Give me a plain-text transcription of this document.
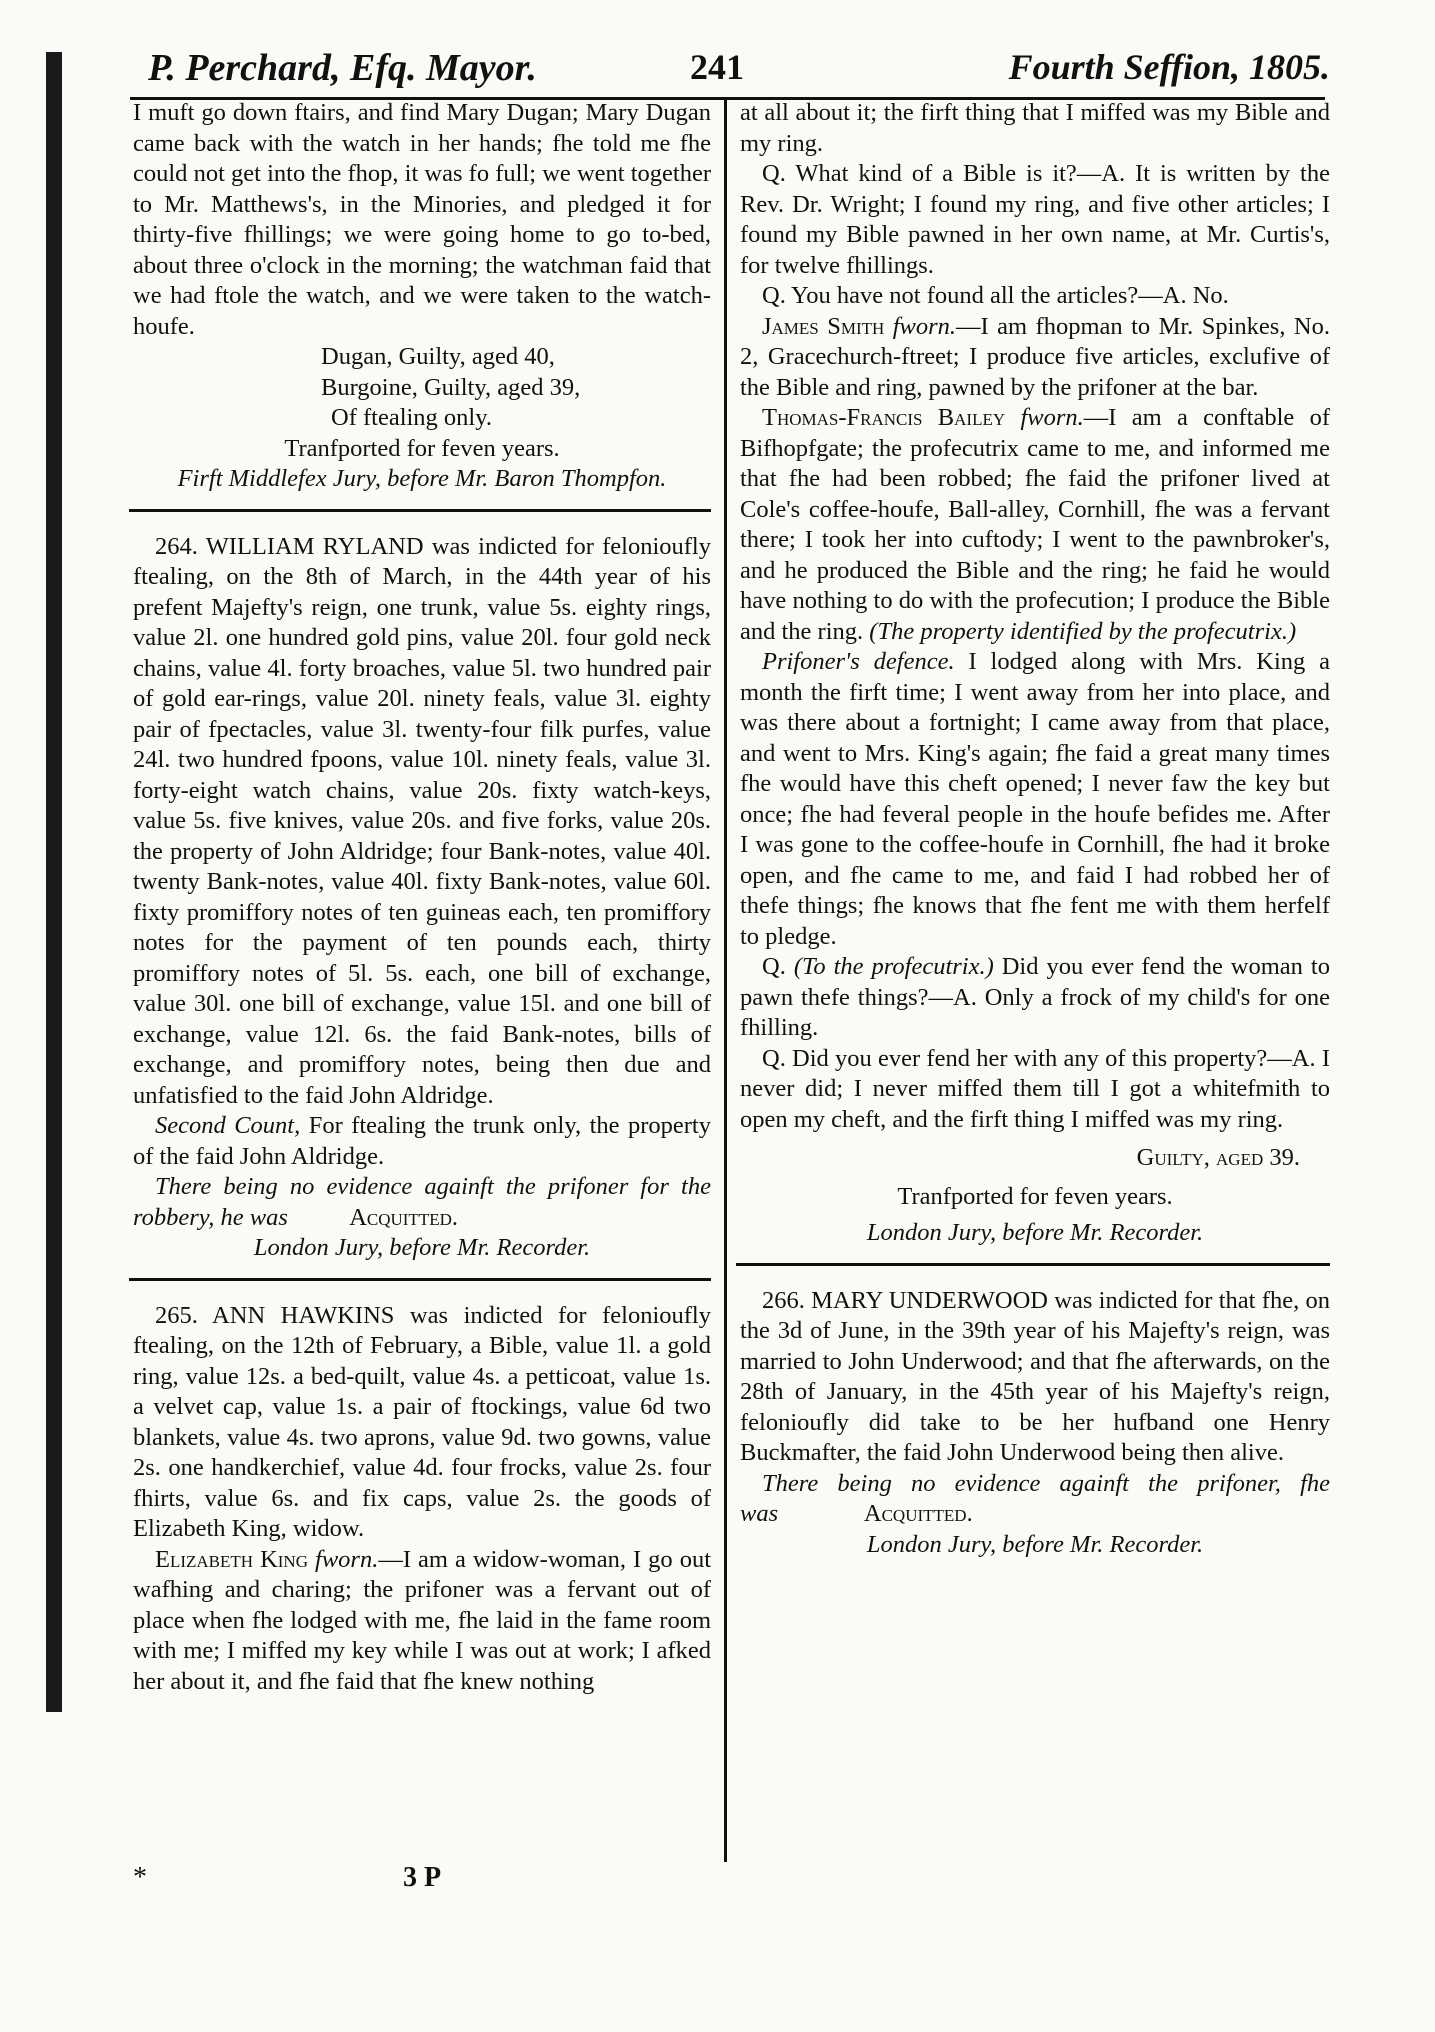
P. Perchard, Efq. Mayor.	241	Fourth Seffion, 1805.

I muft go down ftairs, and find Mary Dugan; Mary Dugan came back with the watch in her hands; fhe told me fhe could not get into the fhop, it was fo full; we went together to Mr. Matthews's, in the Minories, and pledged it for thirty-five fhillings; we were going home to go to-bed, about three o'clock in the morning; the watchman faid that we had ftole the watch, and we were taken to the watch-houfe.

Dugan, Guilty, aged 40,

Burgoine, Guilty, aged 39,

Of ftealing only.

Tranfported for feven years.

Firft Middlefex Jury, before Mr. Baron Thompfon.

264. WILLIAM RYLAND was indicted for felonioufly ftealing, on the 8th of March, in the 44th year of his prefent Majefty's reign, one trunk, value 5s. eighty rings, value 2l. one hundred gold pins, value 20l. four gold neck chains, value 4l. forty broaches, value 5l. two hundred pair of gold ear-rings, value 20l. ninety feals, value 3l. eighty pair of fpectacles, value 3l. twenty-four filk purfes, value 24l. two hundred fpoons, value 10l. ninety feals, value 3l. forty-eight watch chains, value 20s. fixty watch-keys, value 5s. five knives, value 20s. and five forks, value 20s. the property of John Aldridge; four Bank-notes, value 40l. twenty Bank-notes, value 40l. fixty Bank-notes, value 60l. fixty promiffory notes of ten guineas each, ten promiffory notes for the payment of ten pounds each, thirty promiffory notes of 5l. 5s. each, one bill of exchange, value 30l. one bill of exchange, value 15l. and one bill of exchange, value 12l. 6s. the faid Bank-notes, bills of exchange, and promiffory notes, being then due and unfatisfied to the faid John Aldridge.

Second Count, For ftealing the trunk only, the property of the faid John Aldridge.

There being no evidence againft the prifoner for the robbery, he was	Acquitted.

London Jury, before Mr. Recorder.

265. ANN HAWKINS was indicted for felonioufly ftealing, on the 12th of February, a Bible, value 1l. a gold ring, value 12s. a bed-quilt, value 4s. a petticoat, value 1s. a velvet cap, value 1s. a pair of ftockings, value 6d two blankets, value 4s. two aprons, value 9d. two gowns, value 2s. one handkerchief, value 4d. four frocks, value 2s. four fhirts, value 6s. and fix caps, value 2s. the goods of Elizabeth King, widow.

Elizabeth King fworn.—I am a widow-woman, I go out wafhing and charing; the prifoner was a fervant out of place when fhe lodged with me, fhe laid in the fame room with me; I miffed my key while I was out at work; I afked her about it, and fhe faid that fhe knew nothing

at all about it; the firft thing that I miffed was my Bible and my ring.

Q. What kind of a Bible is it?—A. It is written by the Rev. Dr. Wright; I found my ring, and five other articles; I found my Bible pawned in her own name, at Mr. Curtis's, for twelve fhillings.

Q. You have not found all the articles?—A. No.

James Smith fworn.—I am fhopman to Mr. Spinkes, No. 2, Gracechurch-ftreet; I produce five articles, exclufive of the Bible and ring, pawned by the prifoner at the bar.

Thomas-Francis Bailey fworn.—I am a conftable of Bifhopfgate; the profecutrix came to me, and informed me that fhe had been robbed; fhe faid the prifoner lived at Cole's coffee-houfe, Ball-alley, Cornhill, fhe was a fervant there; I took her into cuftody; I went to the pawnbroker's, and he produced the Bible and the ring; he faid he would have nothing to do with the profecution; I produce the Bible and the ring. (The property identified by the profecutrix.)

Prifoner's defence. I lodged along with Mrs. King a month the firft time; I went away from her into place, and was there about a fortnight; I came away from that place, and went to Mrs. King's again; fhe faid a great many times fhe would have this cheft opened; I never faw the key but once; fhe had feveral people in the houfe befides me. After I was gone to the coffee-houfe in Cornhill, fhe had it broke open, and fhe came to me, and faid I had robbed her of thefe things; fhe knows that fhe fent me with them herfelf to pledge.

Q. (To the profecutrix.) Did you ever fend the woman to pawn thefe things?—A. Only a frock of my child's for one fhilling.

Q. Did you ever fend her with any of this property?—A. I never did; I never miffed them till I got a whitefmith to open my cheft, and the firft thing I miffed was my ring.

Guilty, aged 39.

Tranfported for feven years.

London Jury, before Mr. Recorder.

266. MARY UNDERWOOD was indicted for that fhe, on the 3d of June, in the 39th year of his Majefty's reign, was married to John Underwood; and that fhe afterwards, on the 28th of January, in the 45th year of his Majefty's reign, felonioufly did take to be her hufband one Henry Buckmafter, the faid John Underwood being then alive.

There being no evidence againft the prifoner, fhe was	Acquitted.

London Jury, before Mr. Recorder.

*	3 P
